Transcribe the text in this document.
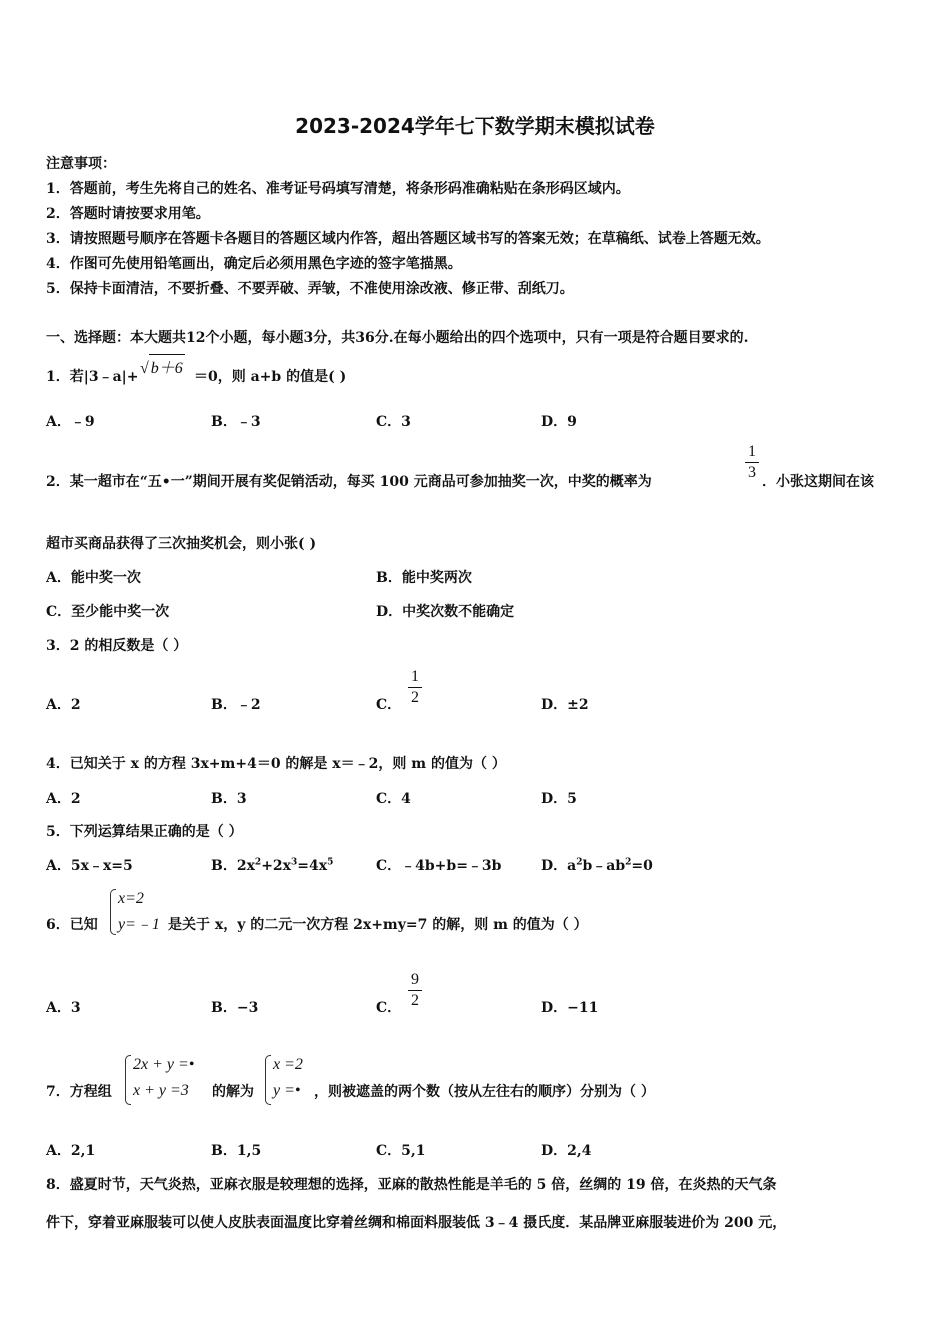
2023-2024学年七下数学期末模拟试卷
注意事项：
1．答题前，考生先将自己的姓名、准考证号码填写清楚，将条形码准确粘贴在条形码区域内。
2．答题时请按要求用笔。
3．请按照题号顺序在答题卡各题目的答题区域内作答，超出答题区域书写的答案无效；在草稿纸、试卷上答题无效。
4．作图可先使用铅笔画出，确定后必须用黑色字迹的签字笔描黑。
5．保持卡面清洁，不要折叠、不要弄破、弄皱，不准使用涂改液、修正带、刮纸刀。
一、选择题：本大题共12个小题，每小题3分，共36分.在每小题给出的四个选项中，只有一项是符合题目要求的.
1．若|3﹣a|+ √ b＋6 ＝0，则 a+b 的值是( )
A．﹣9	B．﹣3	C．3	D．9
2．某一超市在“五•一”期间开展有奖促销活动，每买 100 元商品可参加抽奖一次，中奖的概率为
1
3
．小张这期间在该
超市买商品获得了三次抽奖机会，则小张( )
A．能中奖一次	B．能中奖两次
C．至少能中奖一次	D．中奖次数不能确定
3．2 的相反数是（ ）
A．2	B．﹣2	C．
1
2	D．±2
4．已知关于 x 的方程 3x+m+4＝0 的解是 x＝﹣2，则 m 的值为（ ）
A．2	B．3	C．4	D．5
5．下列运算结果正确的是（ ）
A．5x﹣x=5	B．$2x^2+2x^3=4x^5$	C．﹣4b+b=﹣3b	D．$a^2b﹣ab^2=0$
6．已知
x=2
y=﹣1 是关于 x，y 的二元一次方程 2x+my=7 的解，则 m 的值为（ ）
A．3	B．−3	C．
9
2	D．−11
7．方程组
2x + y =•
x + y =3	的解为
x =2
y =• ，则被遮盖的两个数（按从左往右的顺序）分别为（ ）
A．2,1	B．1,5	C．5,1	D．2,4
8．盛夏时节，天气炎热，亚麻衣服是较理想的选择，亚麻的散热性能是羊毛的 5 倍，丝绸的 19 倍，在炎热的天气条
件下，穿着亚麻服装可以使人皮肤表面温度比穿着丝绸和棉面料服装低 3﹣4 摄氏度．某品牌亚麻服装进价为 200 元，
